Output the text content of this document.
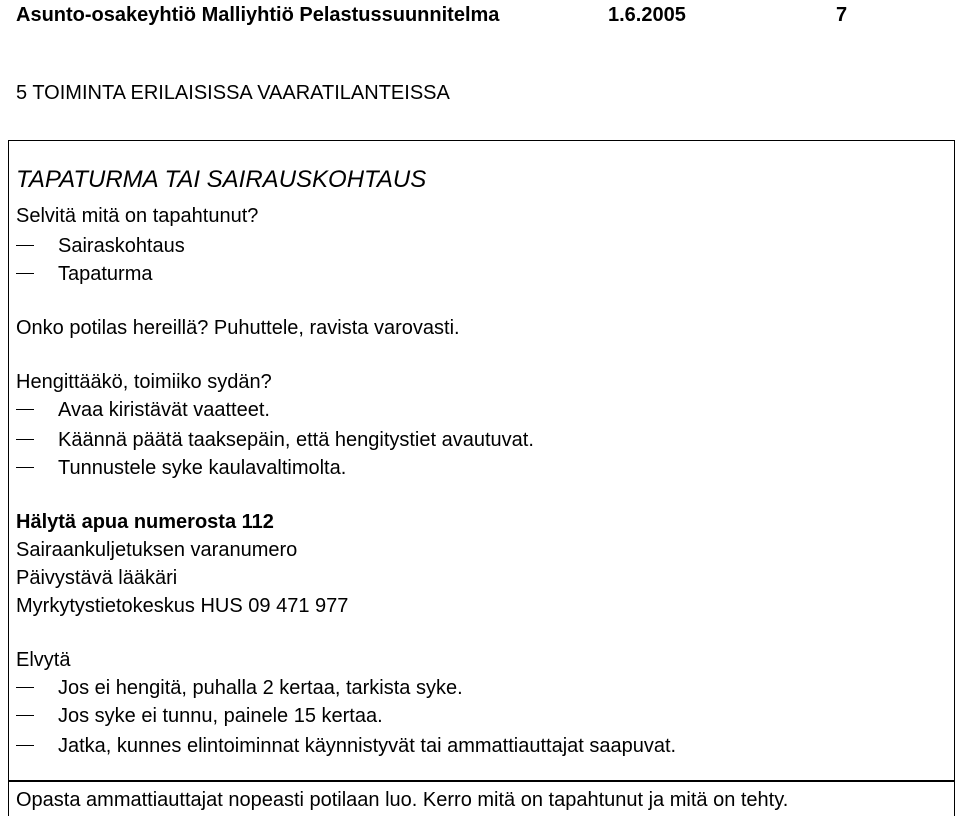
Asunto-osakeyhtiö Malliyhtiö Pelastussuunnitelma	1.6.2005	7
5 TOIMINTA ERILAISISSA VAARATILANTEISSA
TAPATURMA TAI SAIRAUSKOHTAUS
Selvitä mitä on tapahtunut?
Sairaskohtaus
Tapaturma
Onko potilas hereillä? Puhuttele, ravista varovasti.
Hengittääkö, toimiiko sydän?
Avaa kiristävät vaatteet.
Käännä päätä taaksepäin, että hengitystiet avautuvat.
Tunnustele syke kaulavaltimolta.
Hälytä apua numerosta 112
Sairaankuljetuksen varanumero
Päivystävä lääkäri
Myrkytystietokeskus HUS 09 471 977
Elvytä
Jos ei hengitä, puhalla 2 kertaa, tarkista syke.
Jos syke ei tunnu, painele 15 kertaa.
Jatka, kunnes elintoiminnat käynnistyvät tai ammattiauttajat saapuvat.
Opasta ammattiauttajat nopeasti potilaan luo. Kerro mitä on tapahtunut ja mitä on tehty.
